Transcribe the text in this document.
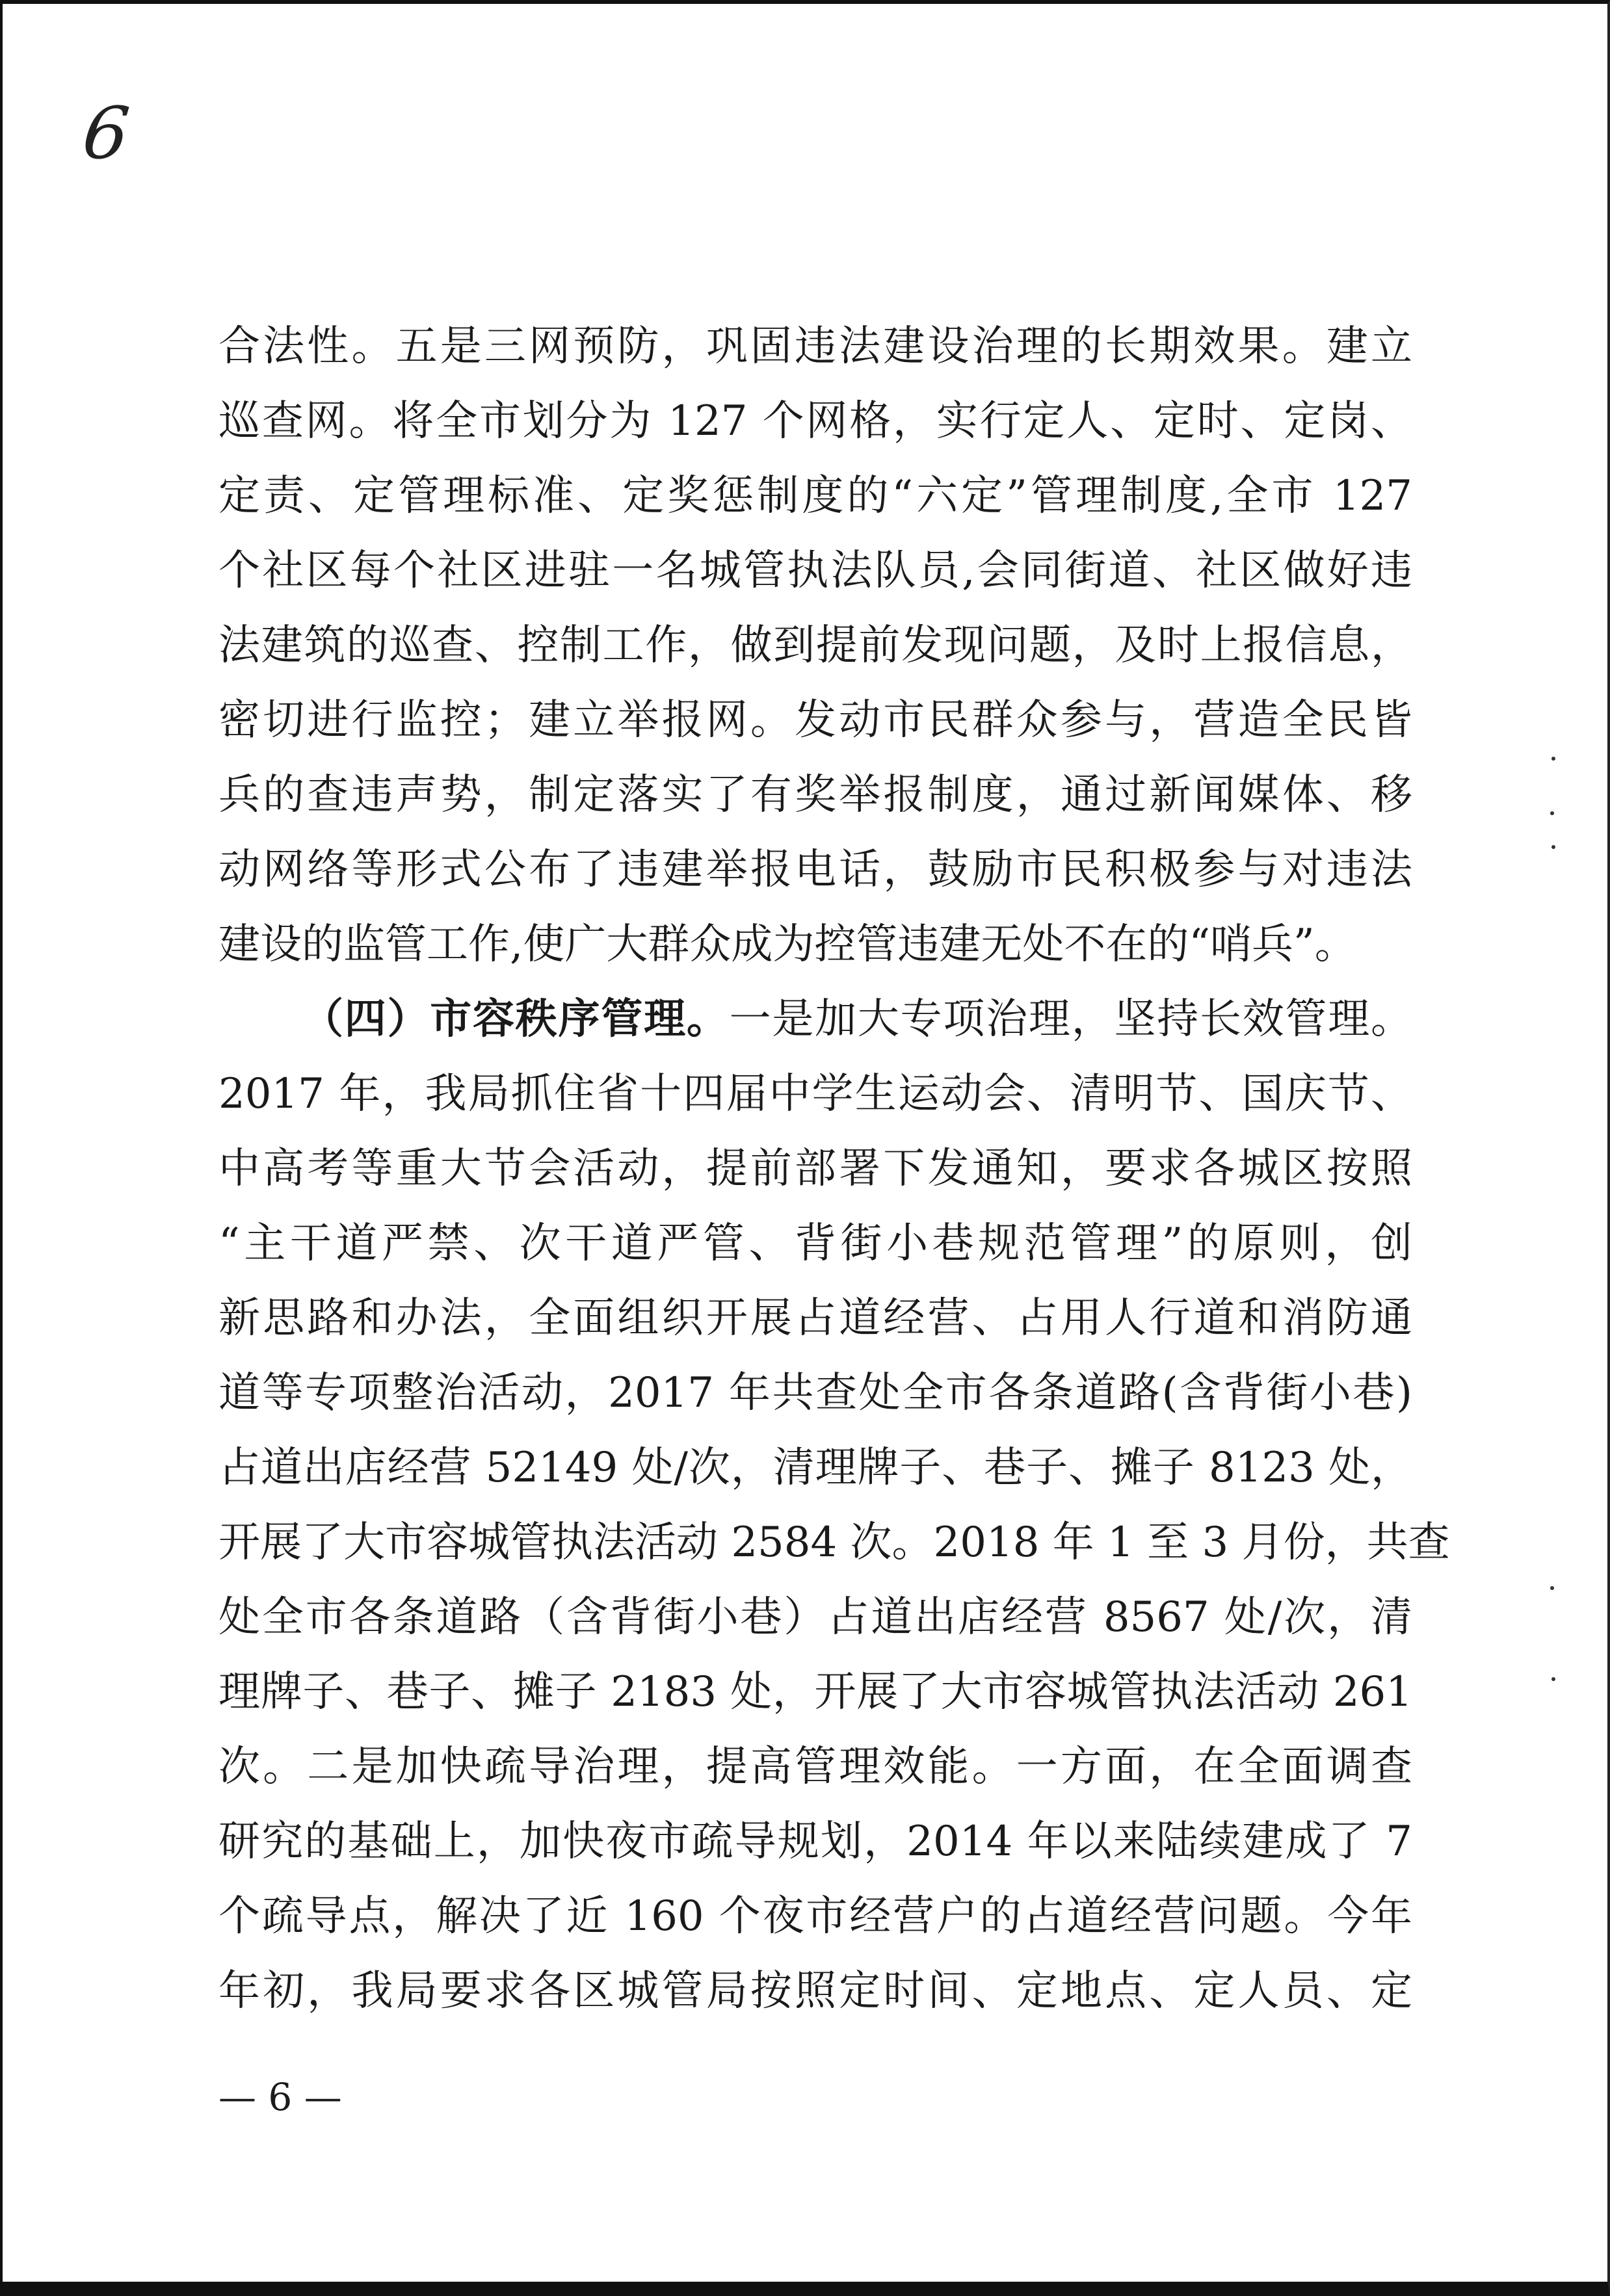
6
合法性。五是三网预防，巩固违法建设治理的长期效果。建立
巡查网。将全市划分为 127 个网格，实行定人、定时、定岗、
定责、定管理标准、定奖惩制度的“六定”管理制度,全市 127
个社区每个社区进驻一名城管执法队员,会同街道、社区做好违
法建筑的巡查、控制工作，做到提前发现问题，及时上报信息，
密切进行监控；建立举报网。发动市民群众参与，营造全民皆
兵的查违声势，制定落实了有奖举报制度，通过新闻媒体、移
动网络等形式公布了违建举报电话，鼓励市民积极参与对违法
建设的监管工作,使广大群众成为控管违建无处不在的“哨兵”。
（四）市容秩序管理。一是加大专项治理，坚持长效管理。
2017 年，我局抓住省十四届中学生运动会、清明节、国庆节、
中高考等重大节会活动，提前部署下发通知，要求各城区按照
“主干道严禁、次干道严管、背街小巷规范管理”的原则，创
新思路和办法，全面组织开展占道经营、占用人行道和消防通
道等专项整治活动，2017 年共查处全市各条道路(含背街小巷)
占道出店经营 52149 处/次，清理牌子、巷子、摊子 8123 处，
开展了大市容城管执法活动 2584 次。2018 年 1 至 3 月份，共查
处全市各条道路（含背街小巷）占道出店经营 8567 处/次，清
理牌子、巷子、摊子 2183 处，开展了大市容城管执法活动 261
次。二是加快疏导治理，提高管理效能。一方面，在全面调查
研究的基础上，加快夜市疏导规划，2014 年以来陆续建成了 7
个疏导点，解决了近 160 个夜市经营户的占道经营问题。今年
年初，我局要求各区城管局按照定时间、定地点、定人员、定
— 6 —
